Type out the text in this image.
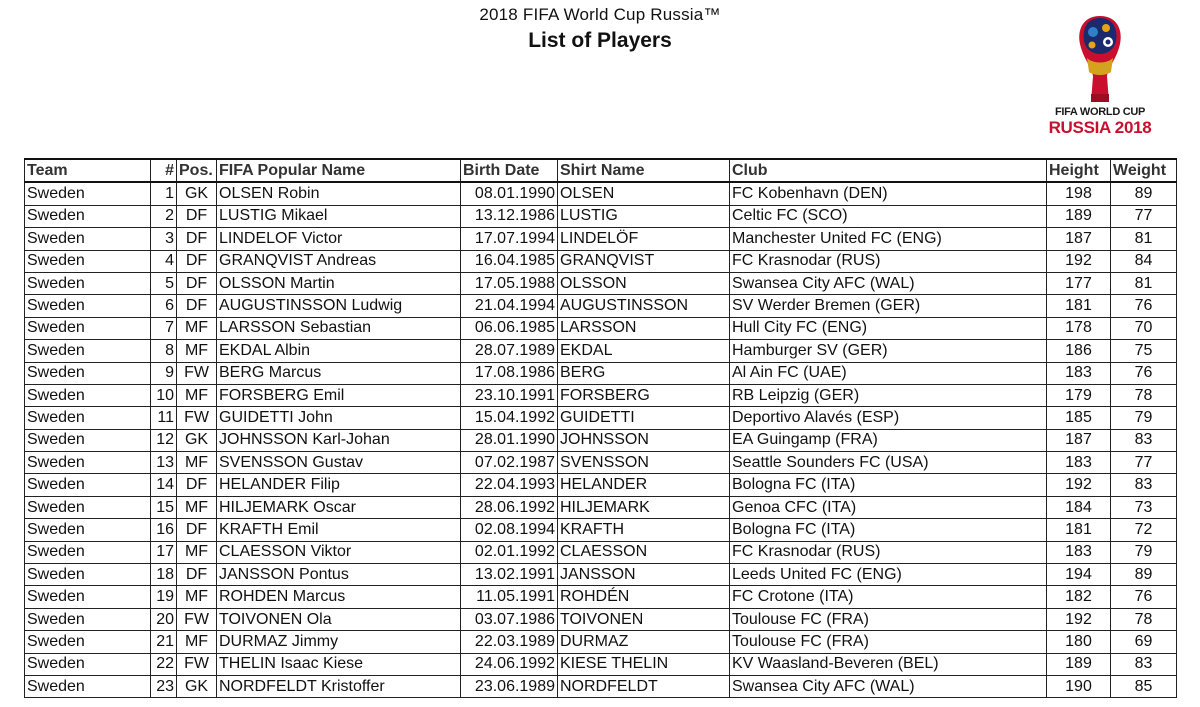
2018 FIFA World Cup Russia™
List of Players
FIFA WORLD CUP
RUSSIA 2018
Team	#	Pos.	FIFA Popular Name	Birth Date	Shirt Name	Club	Height	Weight
Sweden	1	GK	OLSEN Robin	08.01.1990	OLSEN	FC Kobenhavn (DEN)	198	89
Sweden	2	DF	LUSTIG Mikael	13.12.1986	LUSTIG	Celtic FC (SCO)	189	77
Sweden	3	DF	LINDELOF Victor	17.07.1994	LINDELÖF	Manchester United FC (ENG)	187	81
Sweden	4	DF	GRANQVIST Andreas	16.04.1985	GRANQVIST	FC Krasnodar (RUS)	192	84
Sweden	5	DF	OLSSON Martin	17.05.1988	OLSSON	Swansea City AFC (WAL)	177	81
Sweden	6	DF	AUGUSTINSSON Ludwig	21.04.1994	AUGUSTINSSON	SV Werder Bremen (GER)	181	76
Sweden	7	MF	LARSSON Sebastian	06.06.1985	LARSSON	Hull City FC (ENG)	178	70
Sweden	8	MF	EKDAL Albin	28.07.1989	EKDAL	Hamburger SV (GER)	186	75
Sweden	9	FW	BERG Marcus	17.08.1986	BERG	Al Ain FC (UAE)	183	76
Sweden	10	MF	FORSBERG Emil	23.10.1991	FORSBERG	RB Leipzig (GER)	179	78
Sweden	11	FW	GUIDETTI John	15.04.1992	GUIDETTI	Deportivo Alavés (ESP)	185	79
Sweden	12	GK	JOHNSSON Karl-Johan	28.01.1990	JOHNSSON	EA Guingamp (FRA)	187	83
Sweden	13	MF	SVENSSON Gustav	07.02.1987	SVENSSON	Seattle Sounders FC (USA)	183	77
Sweden	14	DF	HELANDER Filip	22.04.1993	HELANDER	Bologna FC (ITA)	192	83
Sweden	15	MF	HILJEMARK Oscar	28.06.1992	HILJEMARK	Genoa CFC (ITA)	184	73
Sweden	16	DF	KRAFTH Emil	02.08.1994	KRAFTH	Bologna FC (ITA)	181	72
Sweden	17	MF	CLAESSON Viktor	02.01.1992	CLAESSON	FC Krasnodar (RUS)	183	79
Sweden	18	DF	JANSSON Pontus	13.02.1991	JANSSON	Leeds United FC (ENG)	194	89
Sweden	19	MF	ROHDEN Marcus	11.05.1991	ROHDÉN	FC Crotone (ITA)	182	76
Sweden	20	FW	TOIVONEN Ola	03.07.1986	TOIVONEN	Toulouse FC (FRA)	192	78
Sweden	21	MF	DURMAZ Jimmy	22.03.1989	DURMAZ	Toulouse FC (FRA)	180	69
Sweden	22	FW	THELIN Isaac Kiese	24.06.1992	KIESE THELIN	KV Waasland-Beveren (BEL)	189	83
Sweden	23	GK	NORDFELDT Kristoffer	23.06.1989	NORDFELDT	Swansea City AFC (WAL)	190	85
